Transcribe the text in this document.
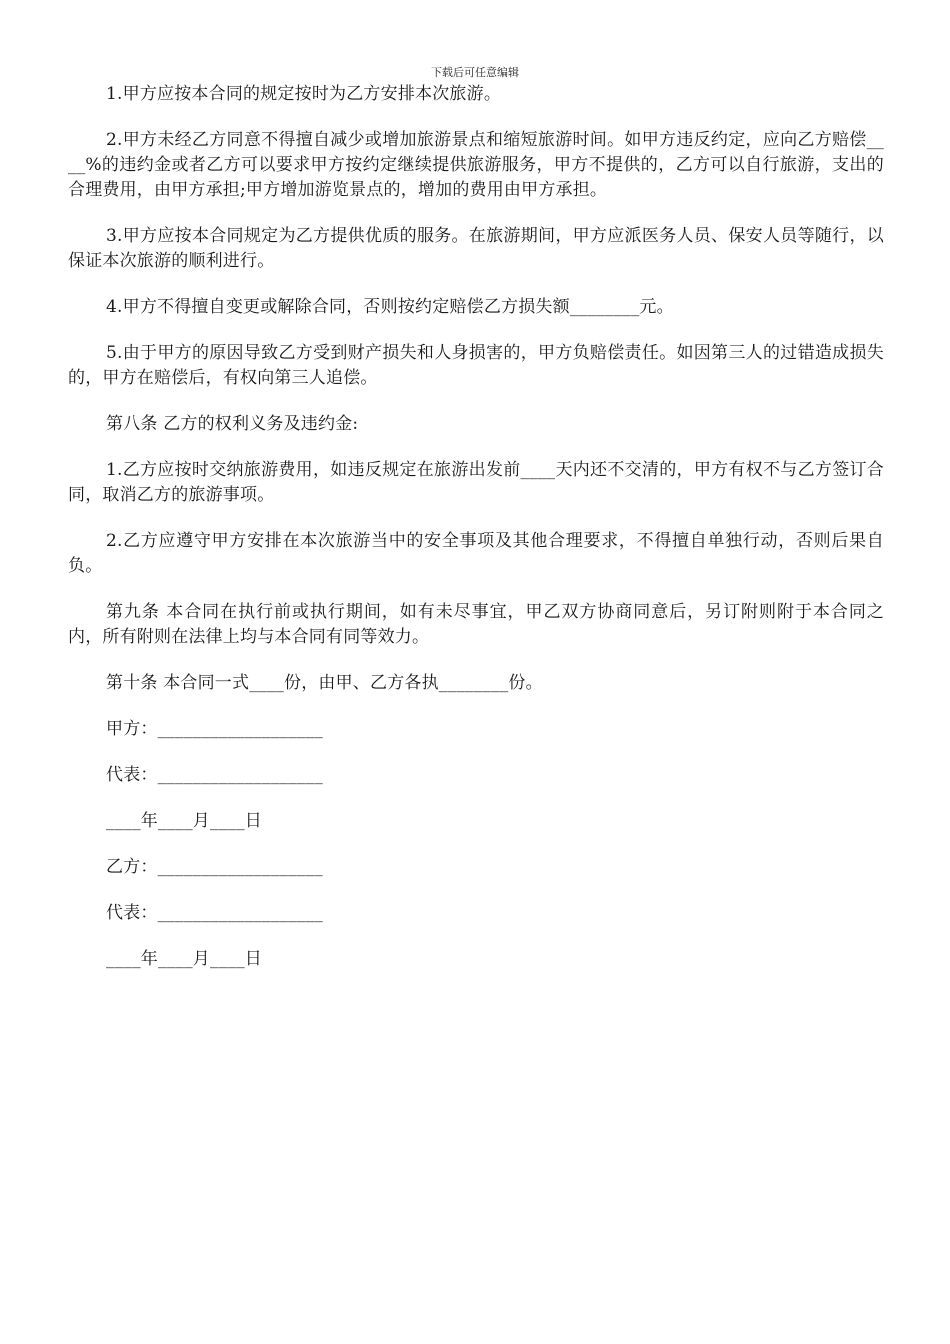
下载后可任意编辑

1.甲方应按本合同的规定按时为乙方安排本次旅游。

2.甲方未经乙方同意不得擅自减少或增加旅游景点和缩短旅游时间。如甲方违反约定，应向乙方赔偿____%的违约金或者乙方可以要求甲方按约定继续提供旅游服务，甲方不提供的，乙方可以自行旅游，支出的合理费用，由甲方承担;甲方增加游览景点的，增加的费用由甲方承担。

3.甲方应按本合同规定为乙方提供优质的服务。在旅游期间，甲方应派医务人员、保安人员等随行，以保证本次旅游的顺利进行。

4.甲方不得擅自变更或解除合同，否则按约定赔偿乙方损失额________元。

5.由于甲方的原因导致乙方受到财产损失和人身损害的，甲方负赔偿责任。如因第三人的过错造成损失的，甲方在赔偿后，有权向第三人追偿。

第八条 乙方的权利义务及违约金:

1.乙方应按时交纳旅游费用，如违反规定在旅游出发前____天内还不交清的，甲方有权不与乙方签订合同，取消乙方的旅游事项。

2.乙方应遵守甲方安排在本次旅游当中的安全事项及其他合理要求，不得擅自单独行动，否则后果自负。

第九条 本合同在执行前或执行期间，如有未尽事宜，甲乙双方协商同意后，另订附则附于本合同之内，所有附则在法律上均与本合同有同等效力。

第十条 本合同一式____份，由甲、乙方各执________份。

甲方：___________________
代表：___________________
____年____月____日
乙方：___________________
代表：___________________
____年____月____日
